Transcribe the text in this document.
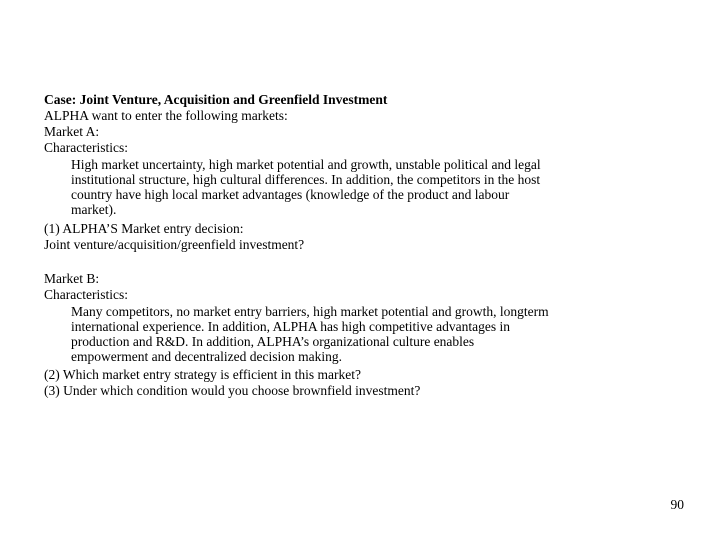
Case: Joint Venture, Acquisition and Greenfield Investment
ALPHA want to enter the following markets:
Market A:
Characteristics:
High market uncertainty, high market potential and growth, unstable political and legal
institutional structure, high cultural differences. In addition, the competitors in the host
country have high local market advantages (knowledge of the product and labour
market).
(1) ALPHA’S Market entry decision:
Joint venture/acquisition/greenfield investment?
Market B:
Characteristics:
Many competitors, no market entry barriers, high market potential and growth, longterm
international experience. In addition, ALPHA has high competitive advantages in
production and R&D. In addition, ALPHA’s organizational culture enables
empowerment and decentralized decision making.
(2) Which market entry strategy is efficient in this market?
(3) Under which condition would you choose brownfield investment?
90
